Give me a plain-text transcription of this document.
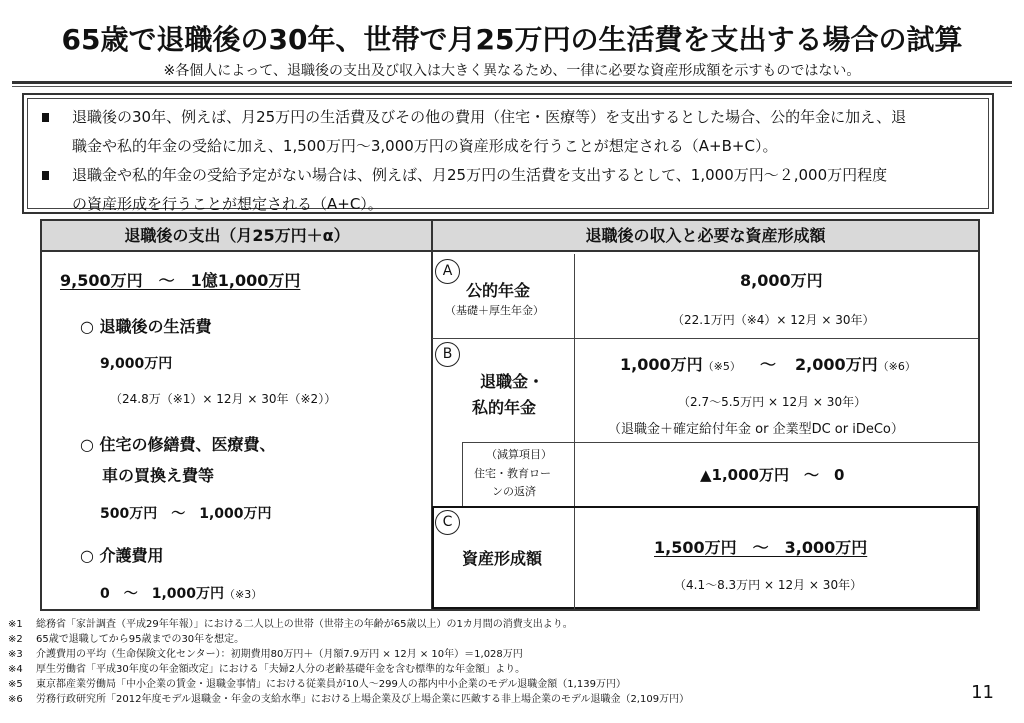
65歳で退職後の30年、世帯で月25万円の生活費を支出する場合の試算
※各個人によって、退職後の支出及び収入は大きく異なるため、一律に必要な資産形成額を示すものではない。
退職後の30年、例えば、月25万円の生活費及びその他の費用（住宅・医療等）を支出するとした場合、公的年金に加え、退
職金や私的年金の受給に加え、1,500万円～3,000万円の資産形成を行うことが想定される（A+B+C）。
退職金や私的年金の受給予定がない場合は、例えば、月25万円の生活費を支出するとして、1,000万円～２,000万円程度
の資産形成を行うことが想定される（A+C）。
退職後の支出（月25万円＋α）	退職後の収入と必要な資産形成額
9,500万円　～　1億1,000万円
○ 退職後の生活費
9,000万円
（24.8万（※1）× 12月 × 30年（※2））
○ 住宅の修繕費、医療費、
車の買換え費等
500万円　～　1,000万円
○ 介護費用
0　～　1,000万円（※3）
A
公的年金
（基礎＋厚生年金）
8,000万円
（22.1万円（※4）× 12月 × 30年）
B
退職金・
私的年金
1,000万円（※5） ～ 2,000万円（※6）
（2.7～5.5万円 × 12月 × 30年）
（退職金＋確定給付年金 or 企業型DC or iDeCo）
（減算項目）
住宅・教育ロー
ンの返済
▲1,000万円　～　0
C
資産形成額
1,500万円　～　3,000万円
（4.1～8.3万円 × 12月 × 30年）
※1 総務省「家計調査（平成29年年報）」における二人以上の世帯（世帯主の年齢が65歳以上）の1カ月間の消費支出より。
※2 65歳で退職してから95歳までの30年を想定。
※3 介護費用の平均（生命保険文化センター）：初期費用80万円＋（月額7.9万円 × 12月 × 10年）＝1,028万円
※4 厚生労働省「平成30年度の年金額改定」における「夫婦2人分の老齢基礎年金を含む標準的な年金額」より。
※5 東京都産業労働局「中小企業の賃金・退職金事情」における従業員が10人～299人の都内中小企業のモデル退職金額（1,139万円）
※6 労務行政研究所「2012年度モデル退職金・年金の支給水準」における上場企業及び上場企業に匹敵する非上場企業のモデル退職金（2,109万円）	11
